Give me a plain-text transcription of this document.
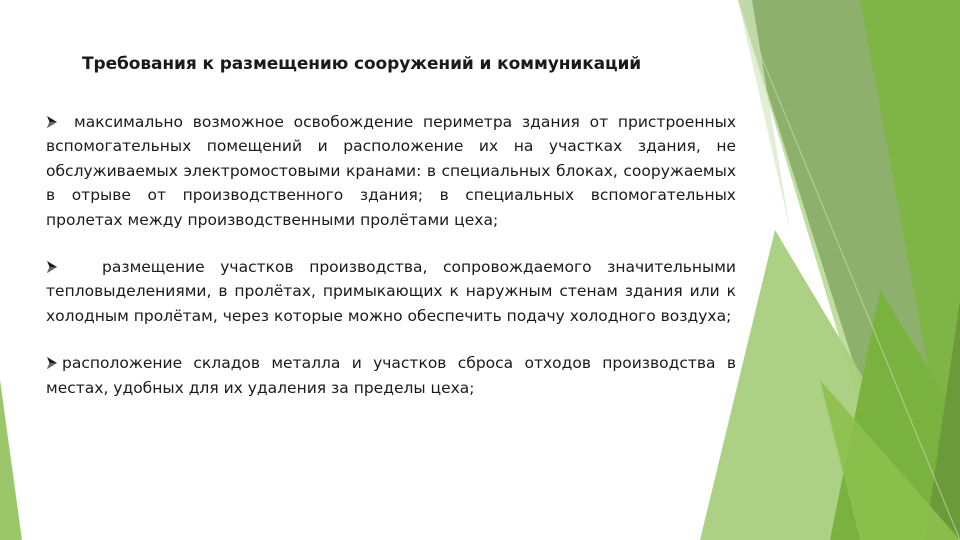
Требования к размещению сооружений и коммуникаций

максимально возможное освобождение периметра здания от пристроенных вспомогательных помещений и расположение их на участках здания, не обслуживаемых электромостовыми кранами: в специальных блоках, сооружаемых в отрыве от производственного здания; в специальных вспомогательных пролетах между производственными пролётами цеха;

размещение участков производства, сопровождаемого значительными тепловыделениями, в пролётах, примыкающих к наружным стенам здания или к холодным пролётам, через которые можно обеспечить подачу холодного воздуха;

расположение складов металла и участков сброса отходов производства в местах, удобных для их удаления за пределы цеха;
